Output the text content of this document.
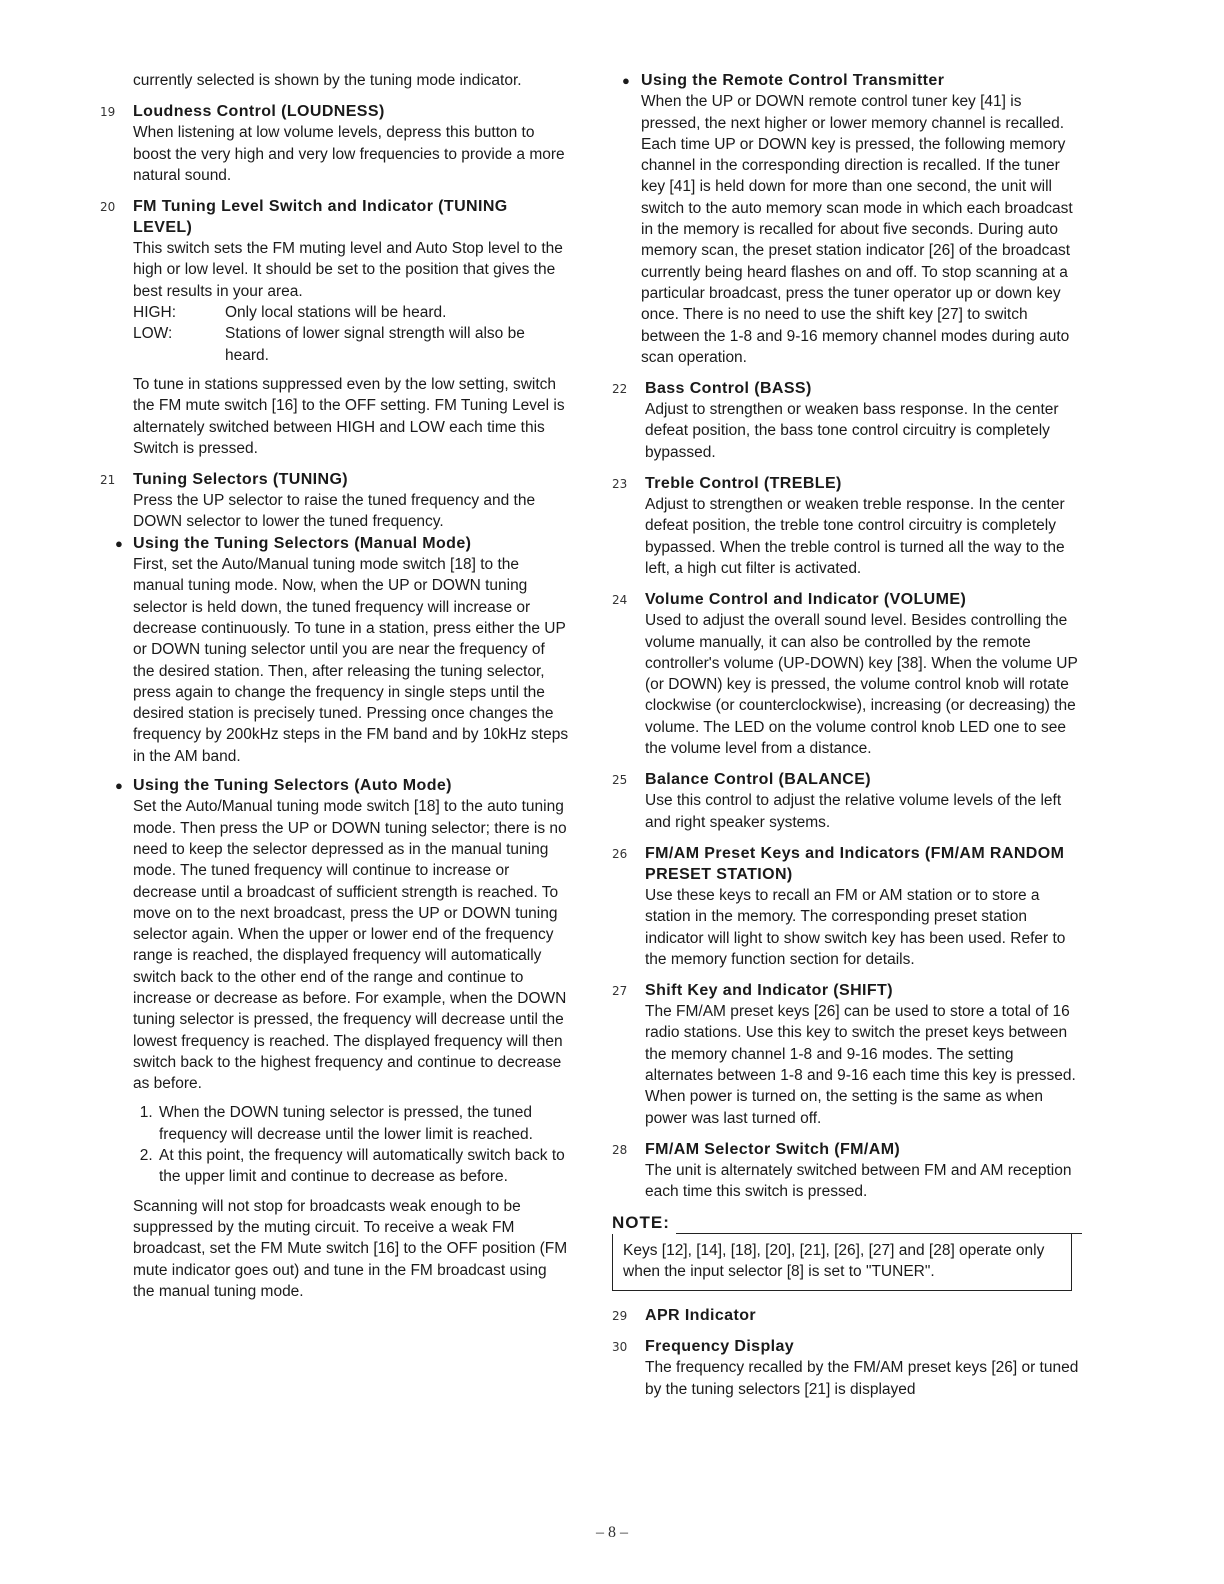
currently selected is shown by the tuning mode indicator.

19	Loudness Control (LOUDNESS)

When listening at low volume levels, depress this button to boost the very high and very low frequencies to provide a more natural sound.

20	FM Tuning Level Switch and Indicator (TUNING LEVEL)

This switch sets the FM muting level and Auto Stop level to the high or low level. It should be set to the position that gives the best results in your area.

HIGH:	Only local stations will be heard.
LOW:	Stations of lower signal strength will also be heard.

To tune in stations suppressed even by the low setting, switch the FM mute switch [16] to the OFF setting. FM Tuning Level is alternately switched between HIGH and LOW each time this Switch is pressed.

21	Tuning Selectors (TUNING)

Press the UP selector to raise the tuned frequency and the DOWN selector to lower the tuned frequency.

● Using the Tuning Selectors (Manual Mode)

First, set the Auto/Manual tuning mode switch [18] to the manual tuning mode. Now, when the UP or DOWN tuning selector is held down, the tuned frequency will increase or decrease continuously. To tune in a station, press either the UP or DOWN tuning selector until you are near the frequency of the desired station. Then, after releasing the tuning selector, press again to change the frequency in single steps until the desired station is precisely tuned. Pressing once changes the frequency by 200kHz steps in the FM band and by 10kHz steps in the AM band.

● Using the Tuning Selectors (Auto Mode)

Set the Auto/Manual tuning mode switch [18] to the auto tuning mode. Then press the UP or DOWN tuning selector; there is no need to keep the selector depressed as in the manual tuning mode. The tuned frequency will continue to increase or decrease until a broadcast of sufficient strength is reached. To move on to the next broadcast, press the UP or DOWN tuning selector again. When the upper or lower end of the frequency range is reached, the displayed frequency will automatically switch back to the other end of the range and continue to increase or decrease as before. For example, when the DOWN tuning selector is pressed, the frequency will decrease until the lowest frequency is reached. The displayed frequency will then switch back to the highest frequency and continue to decrease as before.

1. When the DOWN tuning selector is pressed, the tuned frequency will decrease until the lower limit is reached.
2. At this point, the frequency will automatically switch back to the upper limit and continue to decrease as before.

Scanning will not stop for broadcasts weak enough to be suppressed by the muting circuit. To receive a weak FM broadcast, set the FM Mute switch [16] to the OFF position (FM mute indicator goes out) and tune in the FM broadcast using the manual tuning mode.

● Using the Remote Control Transmitter

When the UP or DOWN remote control tuner key [41] is pressed, the next higher or lower memory channel is recalled. Each time UP or DOWN key is pressed, the following memory channel in the corresponding direction is recalled. If the tuner key [41] is held down for more than one second, the unit will switch to the auto memory scan mode in which each broadcast in the memory is recalled for about five seconds. During auto memory scan, the preset station indicator [26] of the broadcast currently being heard flashes on and off. To stop scanning at a particular broadcast, press the tuner operator up or down key once. There is no need to use the shift key [27] to switch between the 1-8 and 9-16 memory channel modes during auto scan operation.

22	Bass Control (BASS)

Adjust to strengthen or weaken bass response. In the center defeat position, the bass tone control circuitry is completely bypassed.

23	Treble Control (TREBLE)

Adjust to strengthen or weaken treble response. In the center defeat position, the treble tone control circuitry is completely bypassed. When the treble control is turned all the way to the left, a high cut filter is activated.

24	Volume Control and Indicator (VOLUME)

Used to adjust the overall sound level. Besides controlling the volume manually, it can also be controlled by the remote controller's volume (UP-DOWN) key [38]. When the volume UP (or DOWN) key is pressed, the volume control knob will rotate clockwise (or counterclockwise), increasing (or decreasing) the volume. The LED on the volume control knob LED one to see the volume level from a distance.

25	Balance Control (BALANCE)

Use this control to adjust the relative volume levels of the left and right speaker systems.

26	FM/AM Preset Keys and Indicators (FM/AM RANDOM PRESET STATION)

Use these keys to recall an FM or AM station or to store a station in the memory. The corresponding preset station indicator will light to show switch key has been used. Refer to the memory function section for details.

27	Shift Key and Indicator (SHIFT)

The FM/AM preset keys [26] can be used to store a total of 16 radio stations. Use this key to switch the preset keys between the memory channel 1-8 and 9-16 modes. The setting alternates between 1-8 and 9-16 each time this key is pressed. When power is turned on, the setting is the same as when power was last turned off.

28	FM/AM Selector Switch (FM/AM)

The unit is alternately switched between FM and AM reception each time this switch is pressed.

NOTE:
Keys [12], [14], [18], [20], [21], [26], [27] and [28] operate only when the input selector [8] is set to "TUNER".
29	APR Indicator
30	Frequency Display

The frequency recalled by the FM/AM preset keys [26] or tuned by the tuning selectors [21] is displayed

– 8 –
